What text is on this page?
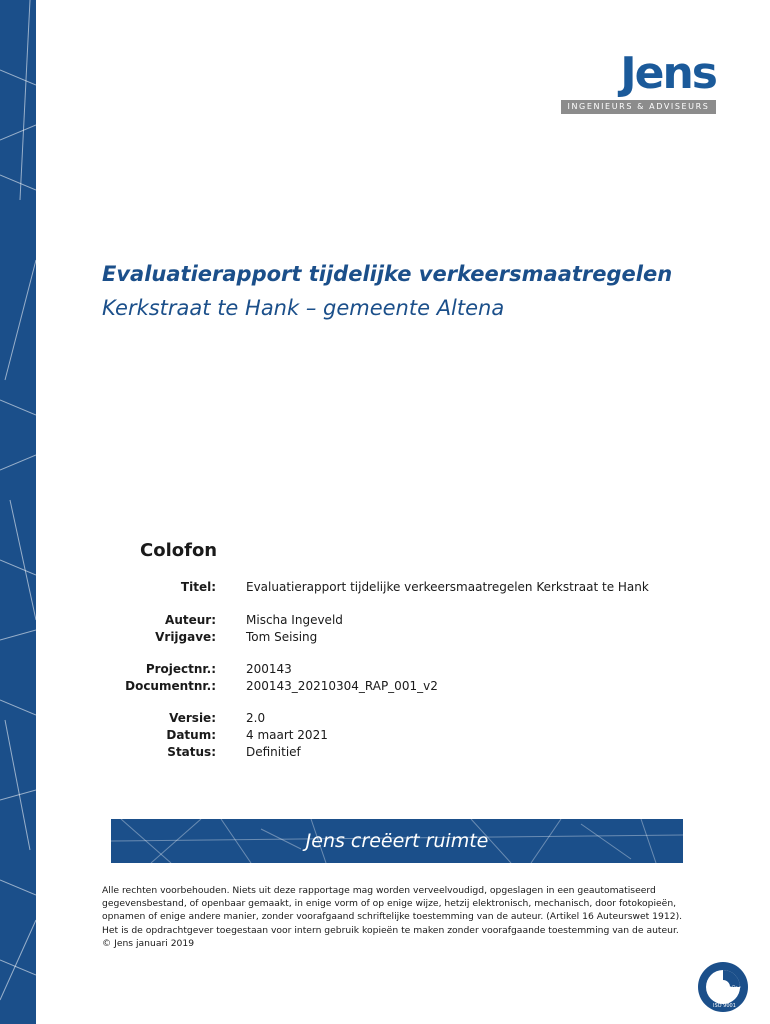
Jens
INGENIEURS & ADVISEURS
Evaluatierapport tijdelijke verkeersmaatregelen
Kerkstraat te Hank – gemeente Altena
Colofon
Titel:	Evaluatierapport tijdelijke verkeersmaatregelen Kerkstraat te Hank
Auteur:	Mischa Ingeveld
Vrijgave:	Tom Seising
Projectnr.:	200143
Documentnr.:	200143_20210304_RAP_001_v2
Versie:	2.0
Datum:	4 maart 2021
Status:	Definitief
Jens creëert ruimte
Alle rechten voorbehouden. Niets uit deze rapportage mag worden verveelvoudigd, opgeslagen in een geautomatiseerd
gegevensbestand, of openbaar gemaakt, in enige vorm of op enige wijze, hetzij elektronisch, mechanisch, door fotokopieën,
opnamen of enige andere manier, zonder voorafgaand schriftelijke toestemming van de auteur. (Artikel 16 Auteurswet 1912).
Het is de opdrachtgever toegestaan voor intern gebruik kopieën te maken zonder voorafgaande toestemming van de auteur.
© Jens januari 2019
TÜV
ISO 9001
